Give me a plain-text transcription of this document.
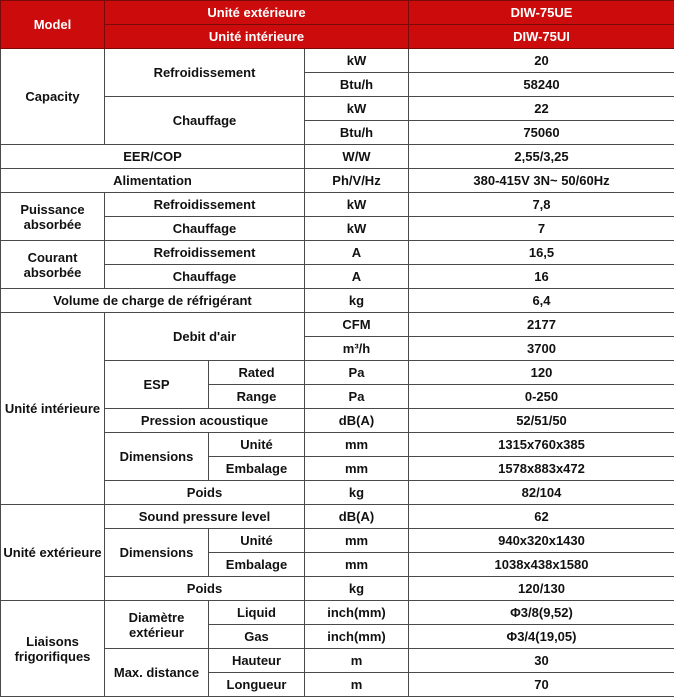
Model	Unité extérieure			DIW-75UE
	Unité intérieure			DIW-75UI
Capacity	Refroidissement		kW	20
			Btu/h	58240
	Chauffage		kW	22
			Btu/h	75060
EER/COP			W/W	2,55/3,25
Alimentation			Ph/V/Hz	380-415V 3N~ 50/60Hz
Puissance absorbée	Refroidissement		kW	7,8
	Chauffage		kW	7
Courant absorbée	Refroidissement		A	16,5
	Chauffage		A	16
Volume de charge de réfrigérant			kg	6,4
Unité intérieure	Debit d'air		CFM	2177
			m³/h	3700
	ESP	Rated	Pa	120
		Range	Pa	0-250
	Pression acoustique		dB(A)	52/51/50
	Dimensions	Unité	mm	1315x760x385
		Embalage	mm	1578x883x472
	Poids		kg	82/104
Unité extérieure	Sound pressure level		dB(A)	62
	Dimensions	Unité	mm	940x320x1430
		Embalage	mm	1038x438x1580
	Poids		kg	120/130
Liaisons frigorifiques	Diamètre extérieur	Liquid	inch(mm)	Φ3/8(9,52)
		Gas	inch(mm)	Φ3/4(19,05)
	Max. distance	Hauteur	m	30
		Longueur	m	70
